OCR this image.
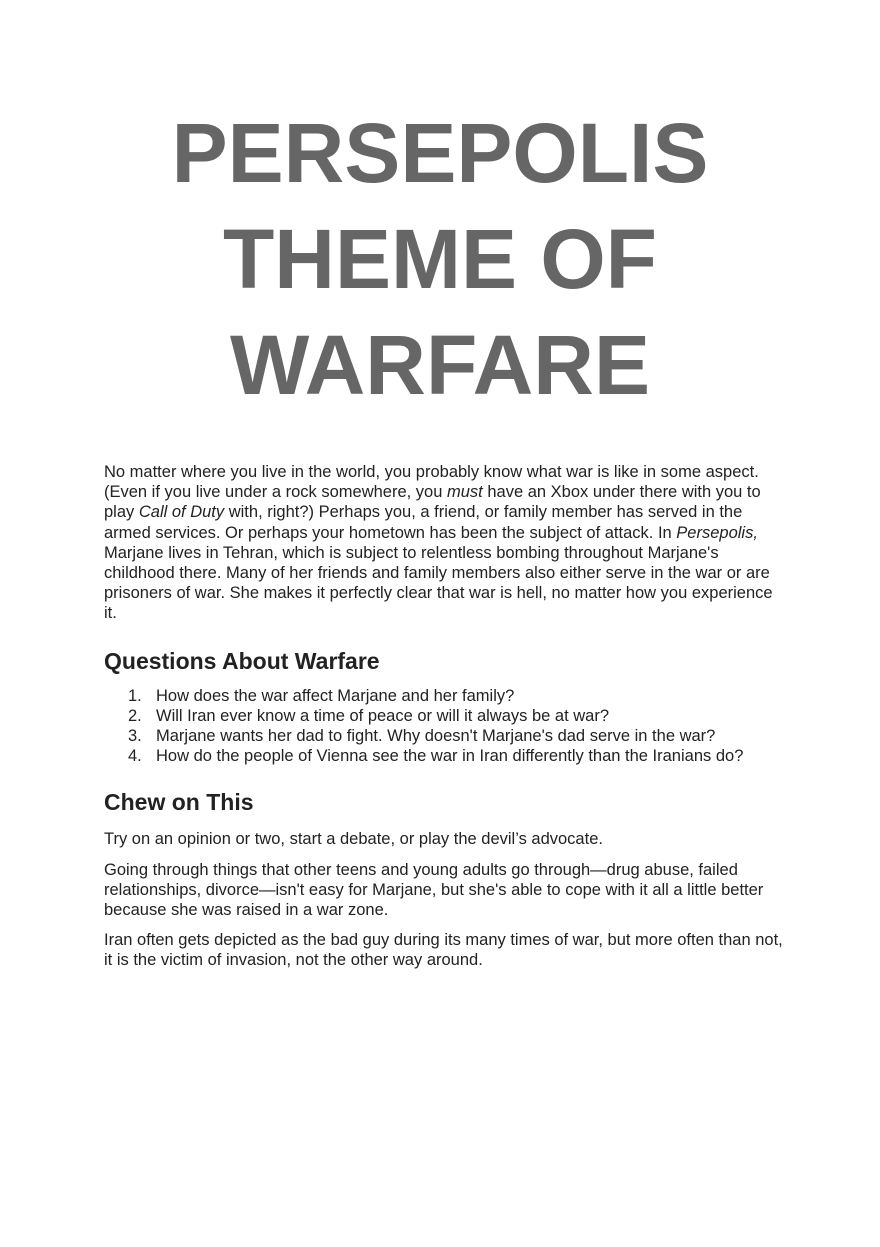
PERSEPOLIS
THEME OF
WARFARE

No matter where you live in the world, you probably know what war is like in some aspect. (Even if you live under a rock somewhere, you must have an Xbox under there with you to play Call of Duty with, right?) Perhaps you, a friend, or family member has served in the armed services. Or perhaps your hometown has been the subject of attack. In Persepolis, Marjane lives in Tehran, which is subject to relentless bombing throughout Marjane's childhood there. Many of her friends and family members also either serve in the war or are prisoners of war. She makes it perfectly clear that war is hell, no matter how you experience it.

Questions About Warfare
1. How does the war affect Marjane and her family?
2. Will Iran ever know a time of peace or will it always be at war?
3. Marjane wants her dad to fight. Why doesn't Marjane's dad serve in the war?
4. How do the people of Vienna see the war in Iran differently than the Iranians do?
Chew on This

Try on an opinion or two, start a debate, or play the devil’s advocate.

Going through things that other teens and young adults go through—drug abuse, failed relationships, divorce—isn't easy for Marjane, but she's able to cope with it all a little better because she was raised in a war zone.

Iran often gets depicted as the bad guy during its many times of war, but more often than not, it is the victim of invasion, not the other way around.
